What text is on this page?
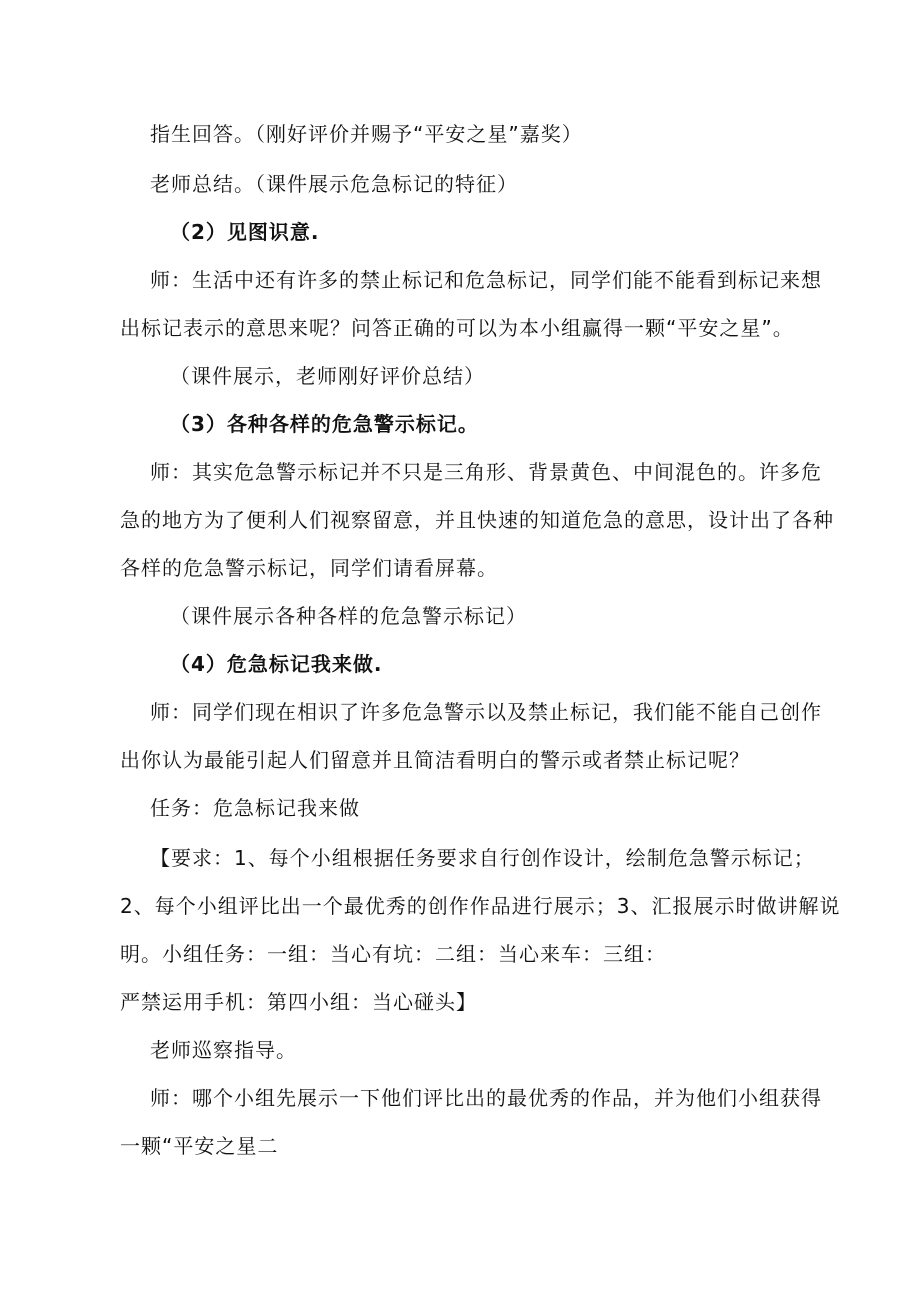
指生回答。（刚好评价并赐予“平安之星”嘉奖）
老师总结。（课件展示危急标记的特征）
（2）见图识意.
师：生活中还有许多的禁止标记和危急标记，同学们能不能看到标记来想
出标记表示的意思来呢？问答正确的可以为本小组赢得一颗“平安之星”。
（课件展示，老师刚好评价总结）
（3）各种各样的危急警示标记。
师：其实危急警示标记并不只是三角形、背景黄色、中间混色的。许多危
急的地方为了便利人们视察留意，并且快速的知道危急的意思，设计出了各种
各样的危急警示标记，同学们请看屏幕。
（课件展示各种各样的危急警示标记）
（4）危急标记我来做.
师：同学们现在相识了许多危急警示以及禁止标记，我们能不能自己创作
出你认为最能引起人们留意并且简洁看明白的警示或者禁止标记呢？
任务：危急标记我来做
【要求：1、每个小组根据任务要求自行创作设计，绘制危急警示标记；
2、每个小组评比出一个最优秀的创作作品进行展示；3、汇报展示时做讲解说
明。小组任务：一组：当心有坑：二组：当心来车：三组：
严禁运用手机：第四小组：当心碰头】
老师巡察指导。
师：哪个小组先展示一下他们评比出的最优秀的作品，并为他们小组获得
一颗“平安之星二
